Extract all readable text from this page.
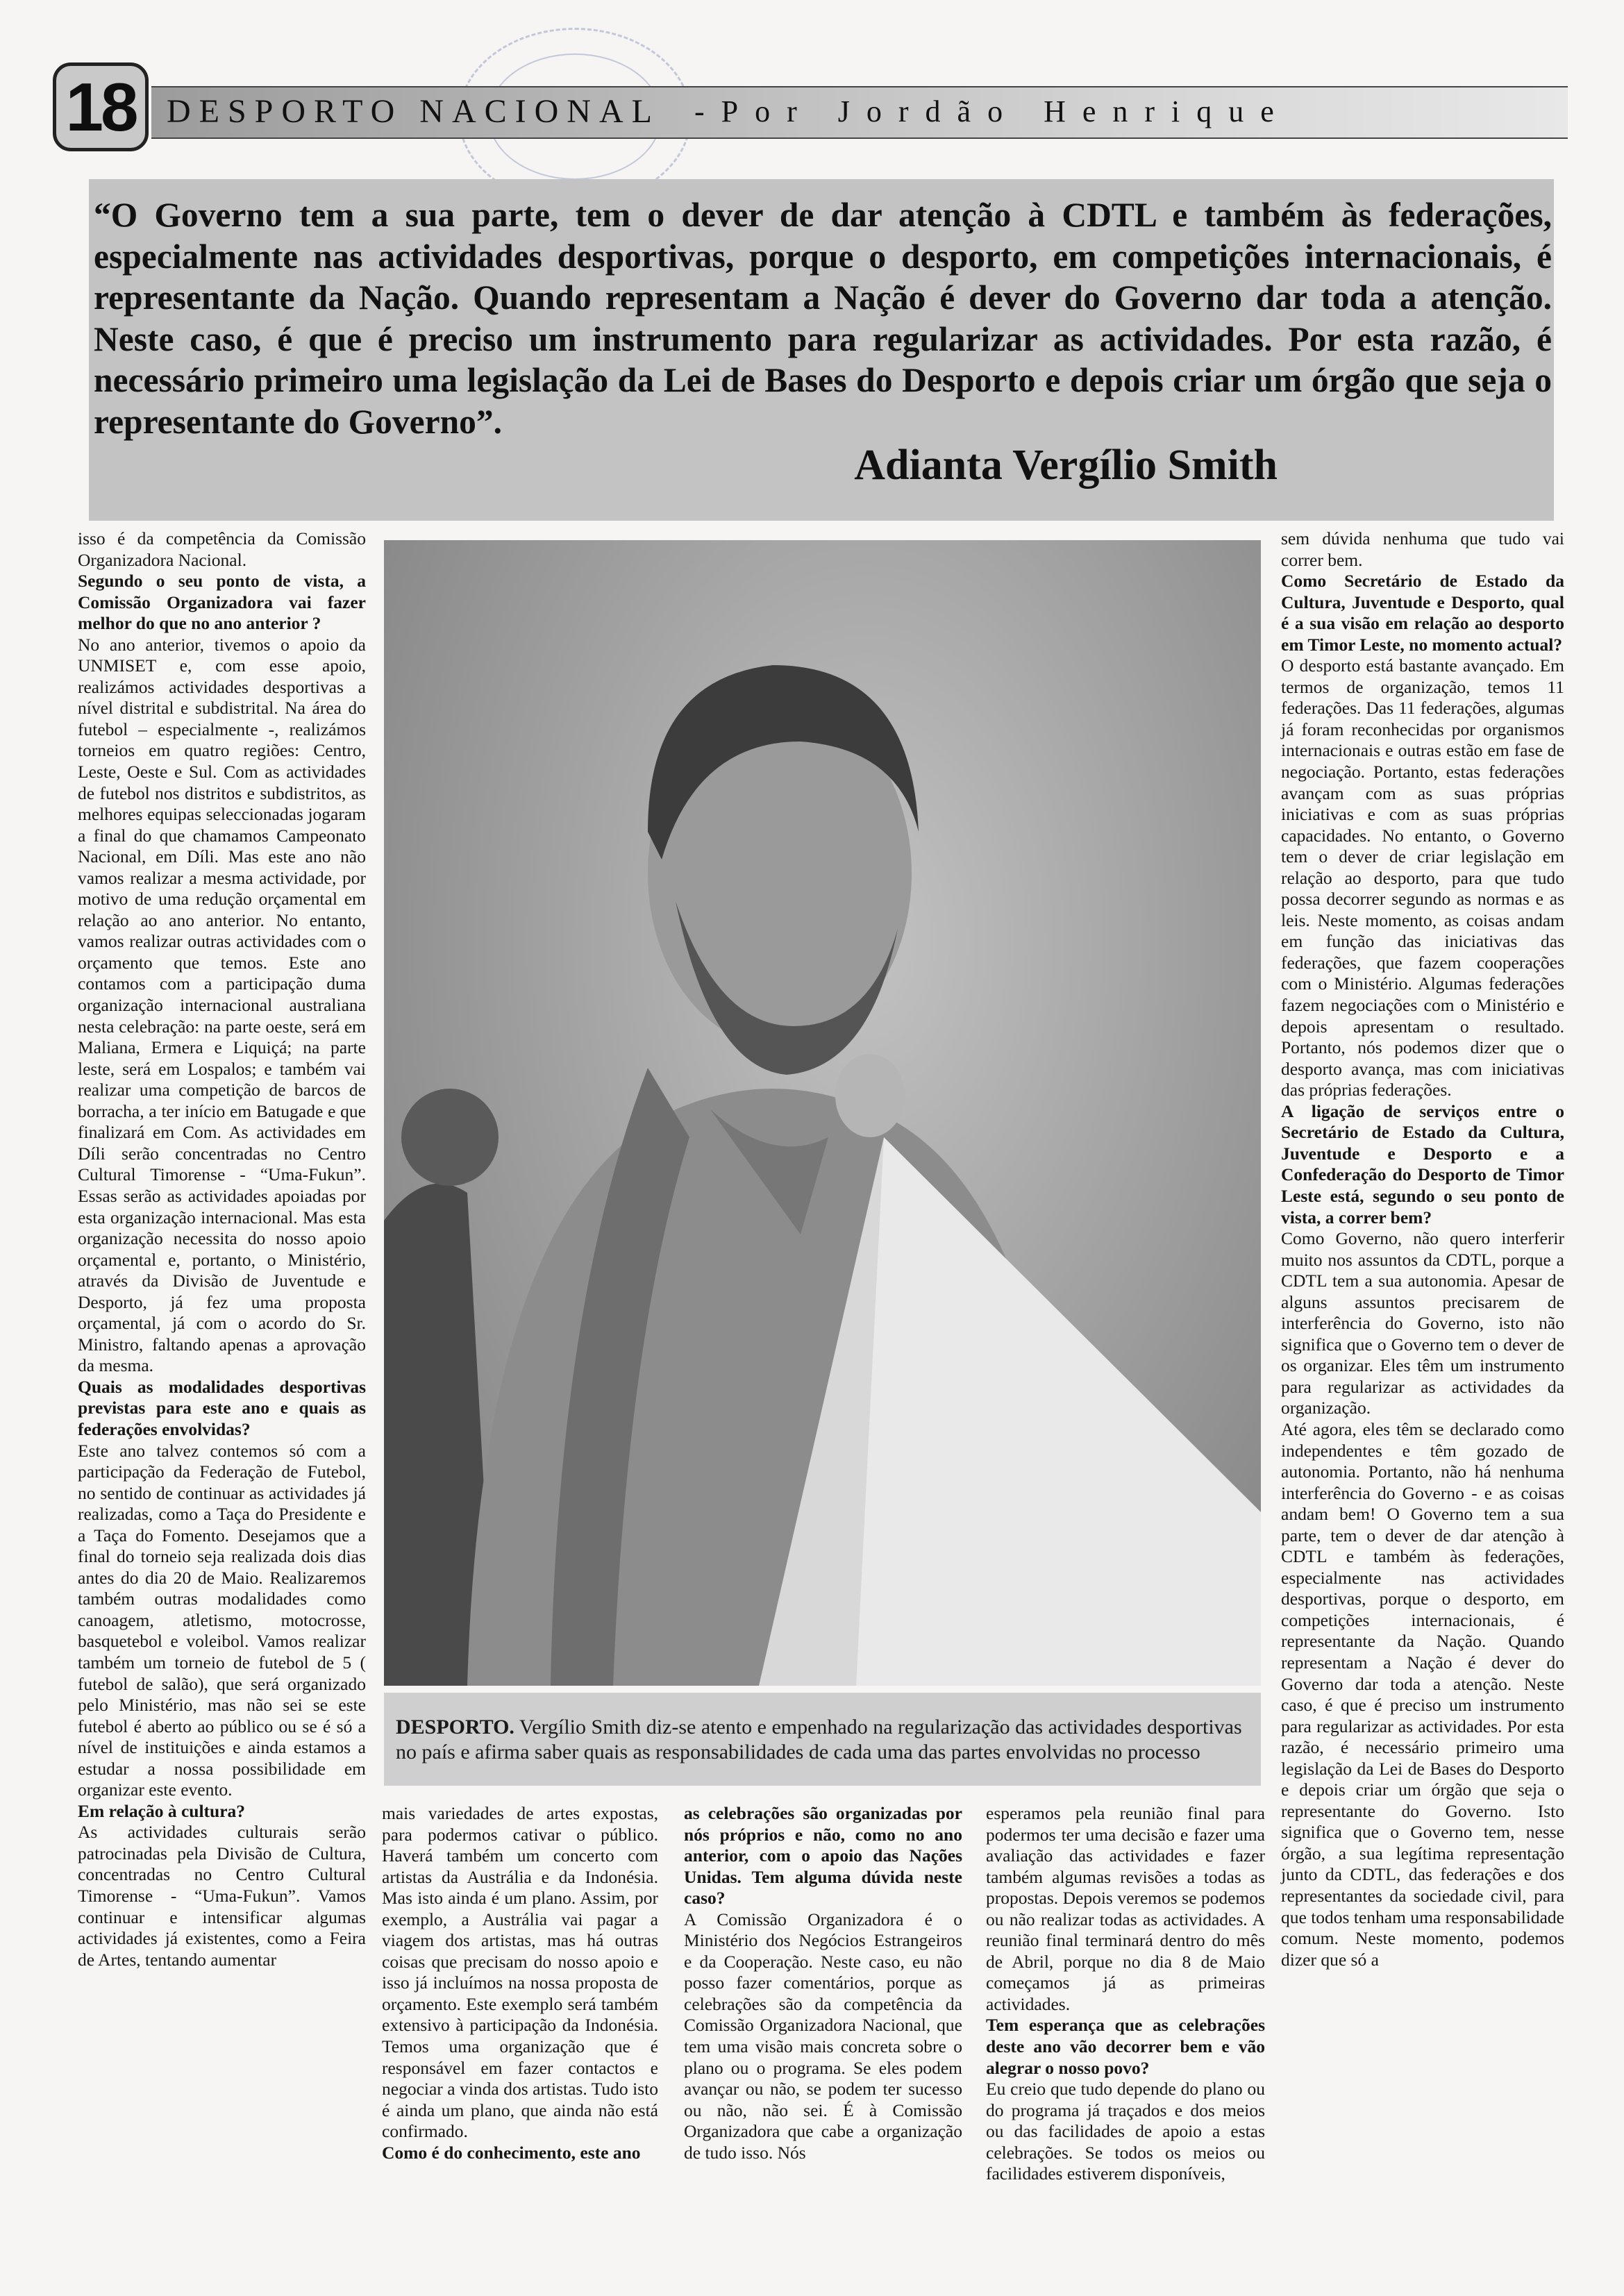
18 DESPORTO NACIONAL -Por Jordão Henrique
“O Governo tem a sua parte, tem o dever de dar atenção à CDTL e também às federações, especialmente nas actividades desportivas, porque o desporto, em competições internacionais, é representante da Nação. Quando representam a Nação é dever do Governo dar toda a atenção. Neste caso, é que é preciso um instrumento para regularizar as actividades. Por esta razão, é necessário primeiro uma legislação da Lei de Bases do Desporto e depois criar um órgão que seja o representante do Governo”.
Adianta Vergílio Smith

isso é da competência da Comissão Organizadora Nacional.

Segundo o seu ponto de vista, a Comissão Organizadora vai fazer melhor do que no ano anterior ?

No ano anterior, tivemos o apoio da UNMISET e, com esse apoio, realizámos actividades desportivas a nível distrital e subdistrital. Na área do futebol – especialmente -, realizámos torneios em quatro regiões: Centro, Leste, Oeste e Sul. Com as actividades de futebol nos distritos e subdistritos, as melhores equipas seleccionadas jogaram a final do que chamamos Campeonato Nacional, em Díli. Mas este ano não vamos realizar a mesma actividade, por motivo de uma redução orçamental em relação ao ano anterior. No entanto, vamos realizar outras actividades com o orçamento que temos. Este ano contamos com a participação duma organização internacional australiana nesta celebração: na parte oeste, será em Maliana, Ermera e Liquiçá; na parte leste, será em Lospalos; e também vai realizar uma competição de barcos de borracha, a ter início em Batugade e que finalizará em Com. As actividades em Díli serão concentradas no Centro Cultural Timorense - “Uma-Fukun”. Essas serão as actividades apoiadas por esta organização internacional. Mas esta organização necessita do nosso apoio orçamental e, portanto, o Ministério, através da Divisão de Juventude e Desporto, já fez uma proposta orçamental, já com o acordo do Sr. Ministro, faltando apenas a aprovação da mesma.

Quais as modalidades desportivas previstas para este ano e quais as federações envolvidas?

Este ano talvez contemos só com a participação da Federação de Futebol, no sentido de continuar as actividades já realizadas, como a Taça do Presidente e a Taça do Fomento. Desejamos que a final do torneio seja realizada dois dias antes do dia 20 de Maio. Realizaremos também outras modalidades como canoagem, atletismo, motocrosse, basquetebol e voleibol. Vamos realizar também um torneio de futebol de 5 ( futebol de salão), que será organizado pelo Ministério, mas não sei se este futebol é aberto ao público ou se é só a nível de instituições e ainda estamos a estudar a nossa possibilidade em organizar este evento.

Em relação à cultura?

As actividades culturais serão patrocinadas pela Divisão de Cultura, concentradas no Centro Cultural Timorense - “Uma-Fukun”. Vamos continuar e intensificar algumas actividades já existentes, como a Feira de Artes, tentando aumentar

DESPORTO. Vergílio Smith diz-se atento e empenhado na regularização das actividades desportivas no país e afirma saber quais as responsabilidades de cada uma das partes envolvidas no processo

mais variedades de artes expostas, para podermos cativar o público. Haverá também um concerto com artistas da Austrália e da Indonésia. Mas isto ainda é um plano. Assim, por exemplo, a Austrália vai pagar a viagem dos artistas, mas há outras coisas que precisam do nosso apoio e isso já incluímos na nossa proposta de orçamento. Este exemplo será também extensivo à participação da Indonésia. Temos uma organização que é responsável em fazer contactos e negociar a vinda dos artistas. Tudo isto é ainda um plano, que ainda não está confirmado.

Como é do conhecimento, este ano

as celebrações são organizadas por nós próprios e não, como no ano anterior, com o apoio das Nações Unidas. Tem alguma dúvida neste caso?

A Comissão Organizadora é o Ministério dos Negócios Estrangeiros e da Cooperação. Neste caso, eu não posso fazer comentários, porque as celebrações são da competência da Comissão Organizadora Nacional, que tem uma visão mais concreta sobre o plano ou o programa. Se eles podem avançar ou não, se podem ter sucesso ou não, não sei. É à Comissão Organizadora que cabe a organização de tudo isso. Nós

esperamos pela reunião final para podermos ter uma decisão e fazer uma avaliação das actividades e fazer também algumas revisões a todas as propostas. Depois veremos se podemos ou não realizar todas as actividades. A reunião final terminará dentro do mês de Abril, porque no dia 8 de Maio começamos já as primeiras actividades.

Tem esperança que as celebrações deste ano vão decorrer bem e vão alegrar o nosso povo?

Eu creio que tudo depende do plano ou do programa já traçados e dos meios ou das facilidades de apoio a estas celebrações. Se todos os meios ou facilidades estiverem disponíveis,

sem dúvida nenhuma que tudo vai correr bem.

Como Secretário de Estado da Cultura, Juventude e Desporto, qual é a sua visão em relação ao desporto em Timor Leste, no momento actual?

O desporto está bastante avançado. Em termos de organização, temos 11 federações. Das 11 federações, algumas já foram reconhecidas por organismos internacionais e outras estão em fase de negociação. Portanto, estas federações avançam com as suas próprias iniciativas e com as suas próprias capacidades. No entanto, o Governo tem o dever de criar legislação em relação ao desporto, para que tudo possa decorrer segundo as normas e as leis. Neste momento, as coisas andam em função das iniciativas das federações, que fazem cooperações com o Ministério. Algumas federações fazem negociações com o Ministério e depois apresentam o resultado. Portanto, nós podemos dizer que o desporto avança, mas com iniciativas das próprias federações.

A ligação de serviços entre o Secretário de Estado da Cultura, Juventude e Desporto e a Confederação do Desporto de Timor Leste está, segundo o seu ponto de vista, a correr bem?

Como Governo, não quero interferir muito nos assuntos da CDTL, porque a CDTL tem a sua autonomia. Apesar de alguns assuntos precisarem de interferência do Governo, isto não significa que o Governo tem o dever de os organizar. Eles têm um instrumento para regularizar as actividades da organização.

Até agora, eles têm se declarado como independentes e têm gozado de autonomia. Portanto, não há nenhuma interferência do Governo - e as coisas andam bem! O Governo tem a sua parte, tem o dever de dar atenção à CDTL e também às federações, especialmente nas actividades desportivas, porque o desporto, em competições internacionais, é representante da Nação. Quando representam a Nação é dever do Governo dar toda a atenção. Neste caso, é que é preciso um instrumento para regularizar as actividades. Por esta razão, é necessário primeiro uma legislação da Lei de Bases do Desporto e depois criar um órgão que seja o representante do Governo. Isto significa que o Governo tem, nesse órgão, a sua legítima representação junto da CDTL, das federações e dos representantes da sociedade civil, para que todos tenham uma responsabilidade comum. Neste momento, podemos dizer que só a
